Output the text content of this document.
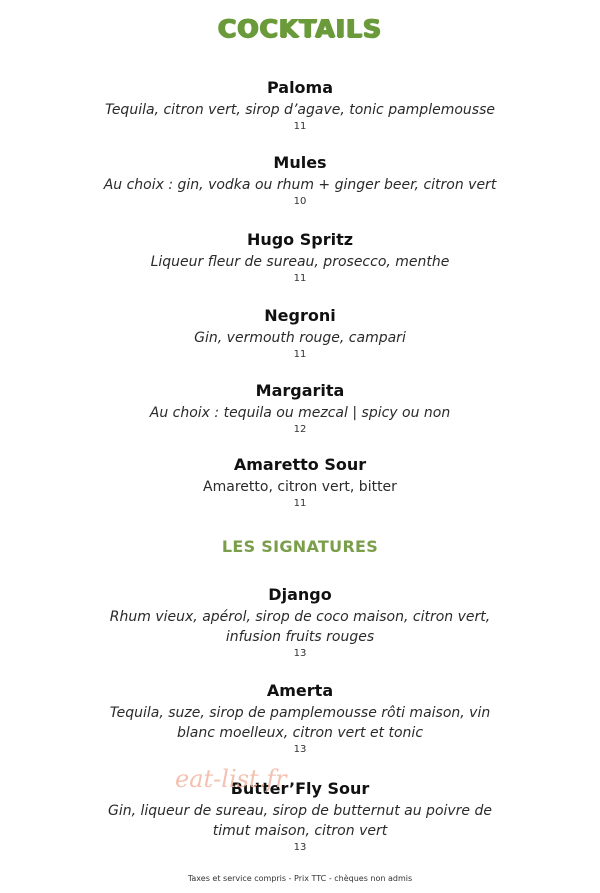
COCKTAILS
Paloma
Tequila, citron vert, sirop d’agave, tonic pamplemousse
11
Mules
Au choix : gin, vodka ou rhum + ginger beer, citron vert
10
Hugo Spritz
Liqueur fleur de sureau, prosecco, menthe
11
Negroni
Gin, vermouth rouge, campari
11
Margarita
Au choix : tequila ou mezcal | spicy ou non
12
Amaretto Sour
Amaretto, citron vert, bitter
11
LES SIGNATURES
Django
Rhum vieux, apérol, sirop de coco maison, citron vert,
infusion fruits rouges
13
Amerta
Tequila, suze, sirop de pamplemousse rôti maison, vin
blanc moelleux, citron vert et tonic
13
Butter’Fly Sour
Gin, liqueur de sureau, sirop de butternut au poivre de
timut maison, citron vert
13
eat-list.fr
Taxes et service compris - Prix TTC - chèques non admis
